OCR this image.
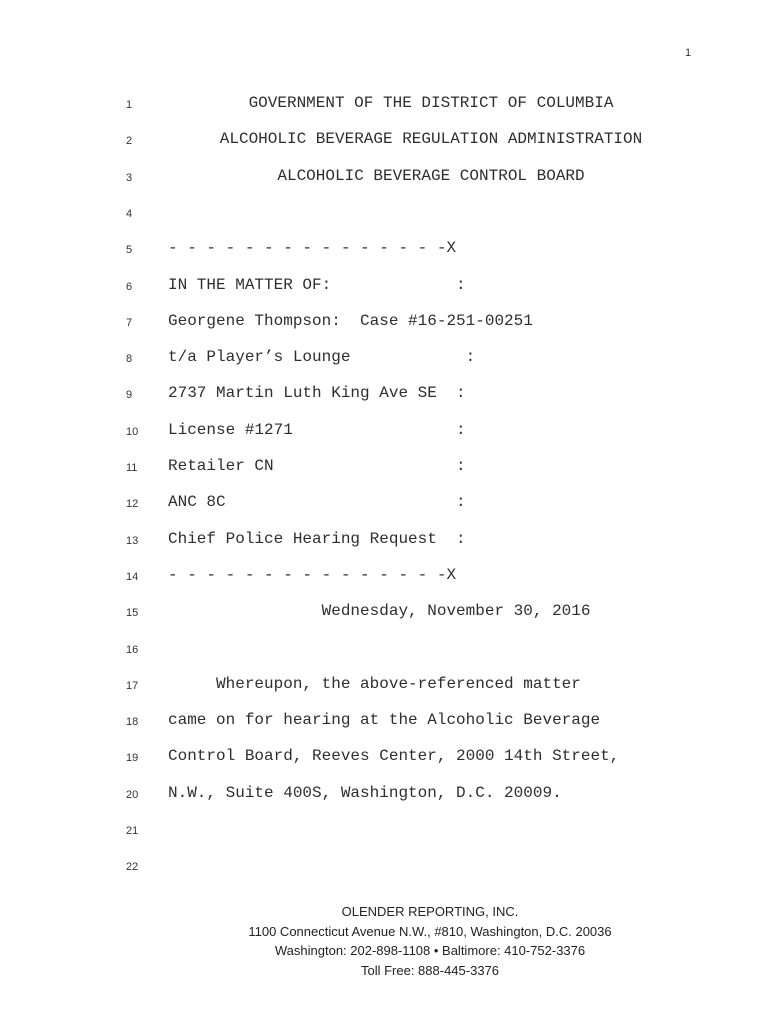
1
1	GOVERNMENT OF THE DISTRICT OF COLUMBIA
2	ALCOHOLIC BEVERAGE REGULATION ADMINISTRATION
3	ALCOHOLIC BEVERAGE CONTROL BOARD
4
5	- - - - - - - - - - - - - - -X
6	IN THE MATTER OF:             :
7	Georgene Thompson:  Case #16-251-00251
8	t/a Player’s Lounge            :
9	2737 Martin Luth King Ave SE  :
10 License #1271                 :
11 Retailer CN                   :
12 ANC 8C                        :
13 Chief Police Hearing Request  :
14 - - - - - - - - - - - - - - -X
15 Wednesday, November 30, 2016
16
17 Whereupon, the above-referenced matter
18 came on for hearing at the Alcoholic Beverage
19 Control Board, Reeves Center, 2000 14th Street,
20 N.W., Suite 400S, Washington, D.C. 20009.
21
22
OLENDER REPORTING, INC.
1100 Connecticut Avenue N.W., #810, Washington, D.C. 20036
Washington: 202-898-1108 • Baltimore: 410-752-3376
Toll Free: 888-445-3376
